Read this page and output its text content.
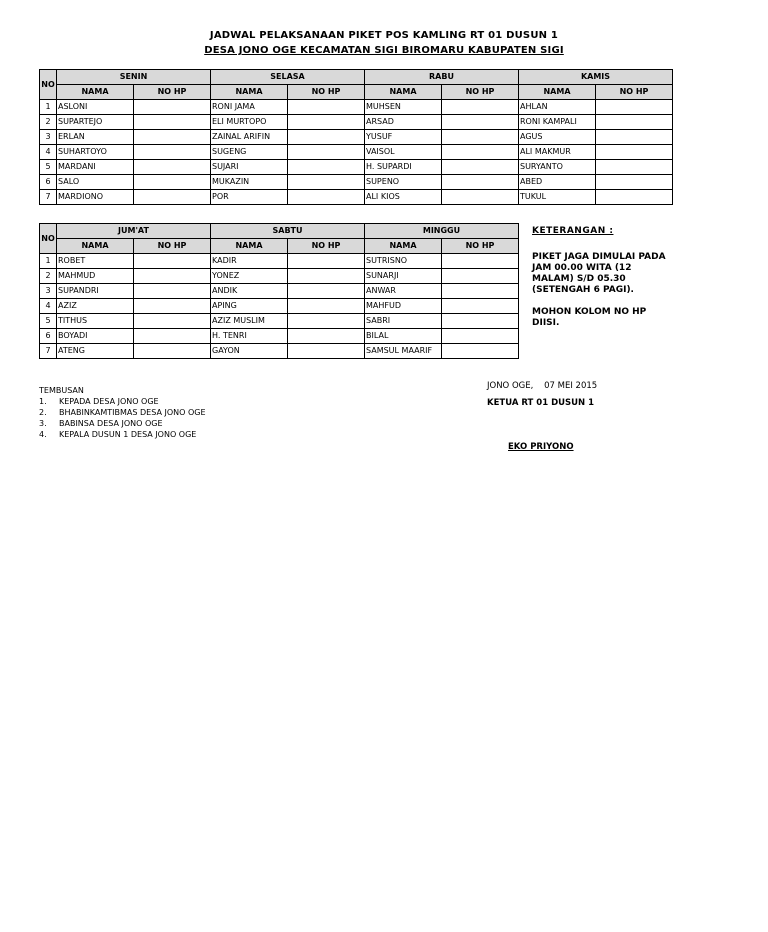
JADWAL PELAKSANAAN PIKET POS KAMLING RT 01 DUSUN 1
DESA JONO OGE KECAMATAN SIGI BIROMARU KABUPATEN SIGI
NO	SENIN		SELASA		RABU		KAMIS	
	NAMA	NO HP	NAMA	NO HP	NAMA	NO HP	NAMA	NO HP
1	ASLONI		RONI JAMA		MUHSEN		AHLAN	
2	SUPARTEJO		ELI MURTOPO		ARSAD		RONI KAMPALI	
3	ERLAN		ZAINAL ARIFIN		YUSUF		AGUS	
4	SUHARTOYO		SUGENG		VAISOL		ALI MAKMUR	
5	MARDANI		SUJARI		H. SUPARDI		SURYANTO	
6	SALO		MUKAZIN		SUPENO		ABED	
7	MARDIONO		POR		ALI KIOS		TUKUL	
NO	JUM'AT		SABTU		MINGGU	
	NAMA	NO HP	NAMA	NO HP	NAMA	NO HP
1	ROBET		KADIR		SUTRISNO	
2	MAHMUD		YONEZ		SUNARJI	
3	SUPANDRI		ANDIK		ANWAR	
4	AZIZ		APING		MAHFUD	
5	TITHUS		AZIZ MUSLIM		SABRI	
6	BOYADI		H. TENRI		BILAL	
7	ATENG		GAYON		SAMSUL MAARIF	
KETERANGAN :
PIKET JAGA DIMULAI PADA JAM 00.00 WITA (12 MALAM) S/D 05.30 (SETENGAH 6 PAGI).
MOHON KOLOM NO HP DIISI.
TEMBUSAN
1. KEPADA DESA JONO OGE
2. BHABINKAMTIBMAS DESA JONO OGE
3. BABINSA DESA JONO OGE
4. KEPALA DUSUN 1 DESA JONO OGE
JONO OGE,    07 MEI 2015
KETUA RT 01 DUSUN 1
EKO PRIYONO
